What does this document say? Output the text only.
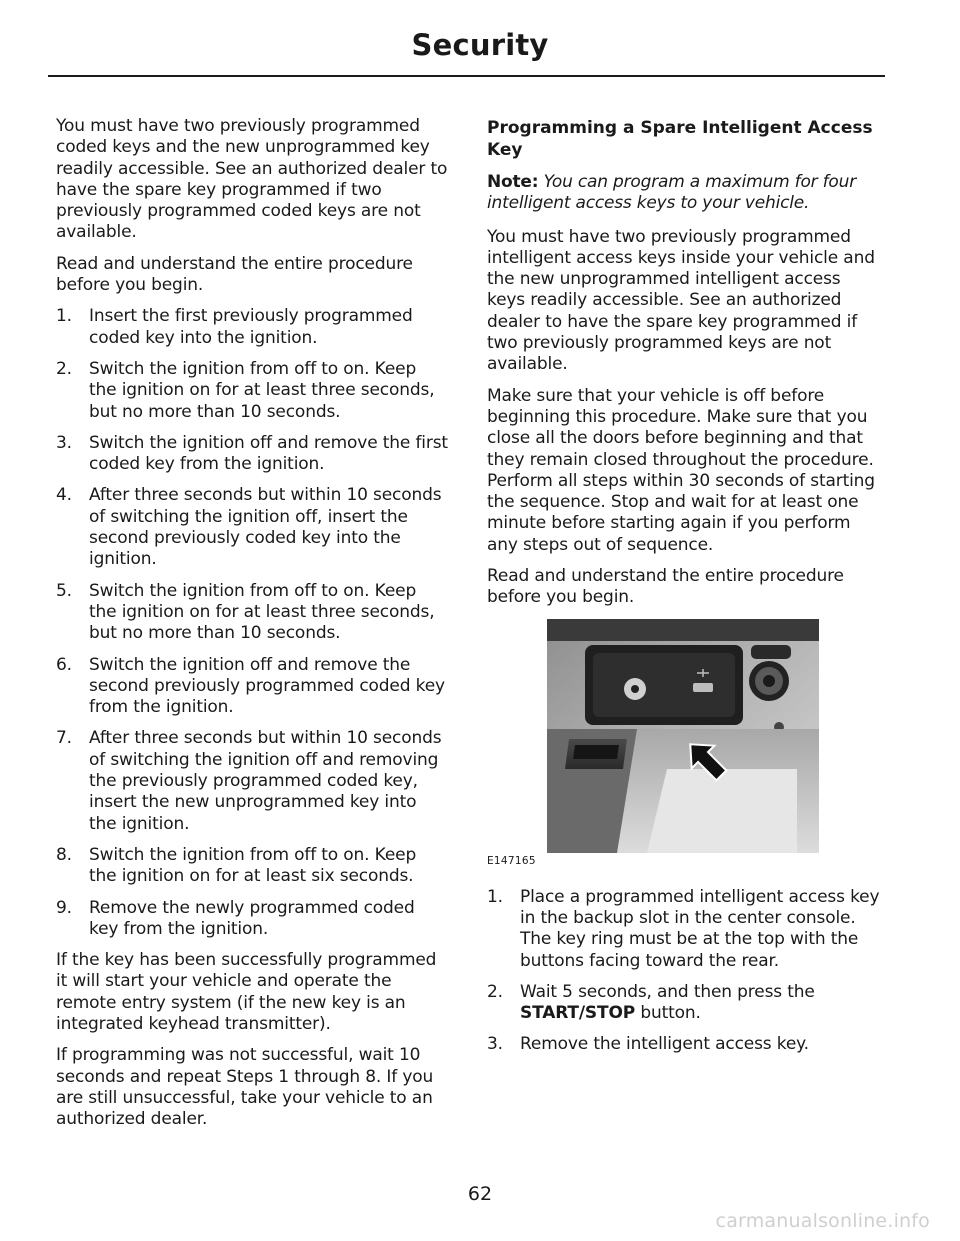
Security

You must have two previously programmed coded keys and the new unprogrammed key readily accessible. See an authorized dealer to have the spare key programmed if two previously programmed coded keys are not available.

Read and understand the entire procedure before you begin.

1.	Insert the first previously programmed coded key into the ignition.
2.	Switch the ignition from off to on. Keep the ignition on for at least three seconds, but no more than 10 seconds.
3.	Switch the ignition off and remove the first coded key from the ignition.
4.	After three seconds but within 10 seconds of switching the ignition off, insert the second previously coded key into the ignition.
5.	Switch the ignition from off to on. Keep the ignition on for at least three seconds, but no more than 10 seconds.
6.	Switch the ignition off and remove the second previously programmed coded key from the ignition.
7.	After three seconds but within 10 seconds of switching the ignition off and removing the previously programmed coded key, insert the new unprogrammed key into the ignition.
8.	Switch the ignition from off to on. Keep the ignition on for at least six seconds.
9.	Remove the newly programmed coded key from the ignition.

If the key has been successfully programmed it will start your vehicle and operate the remote entry system (if the new key is an integrated keyhead transmitter).

If programming was not successful, wait 10 seconds and repeat Steps 1 through 8. If you are still unsuccessful, take your vehicle to an authorized dealer.

Programming a Spare Intelligent Access Key

Note: You can program a maximum for four intelligent access keys to your vehicle.

You must have two previously programmed intelligent access keys inside your vehicle and the new unprogrammed intelligent access keys readily accessible. See an authorized dealer to have the spare key programmed if two previously programmed keys are not available.

Make sure that your vehicle is off before beginning this procedure. Make sure that you close all the doors before beginning and that they remain closed throughout the procedure. Perform all steps within 30 seconds of starting the sequence. Stop and wait for at least one minute before starting again if you perform any steps out of sequence.

Read and understand the entire procedure before you begin.

E147165
1.	Place a programmed intelligent access key in the backup slot in the center console. The key ring must be at the top with the buttons facing toward the rear.
2.	Wait 5 seconds, and then press the START/STOP button.
3.	Remove the intelligent access key.
62
carmanualsonline.info
